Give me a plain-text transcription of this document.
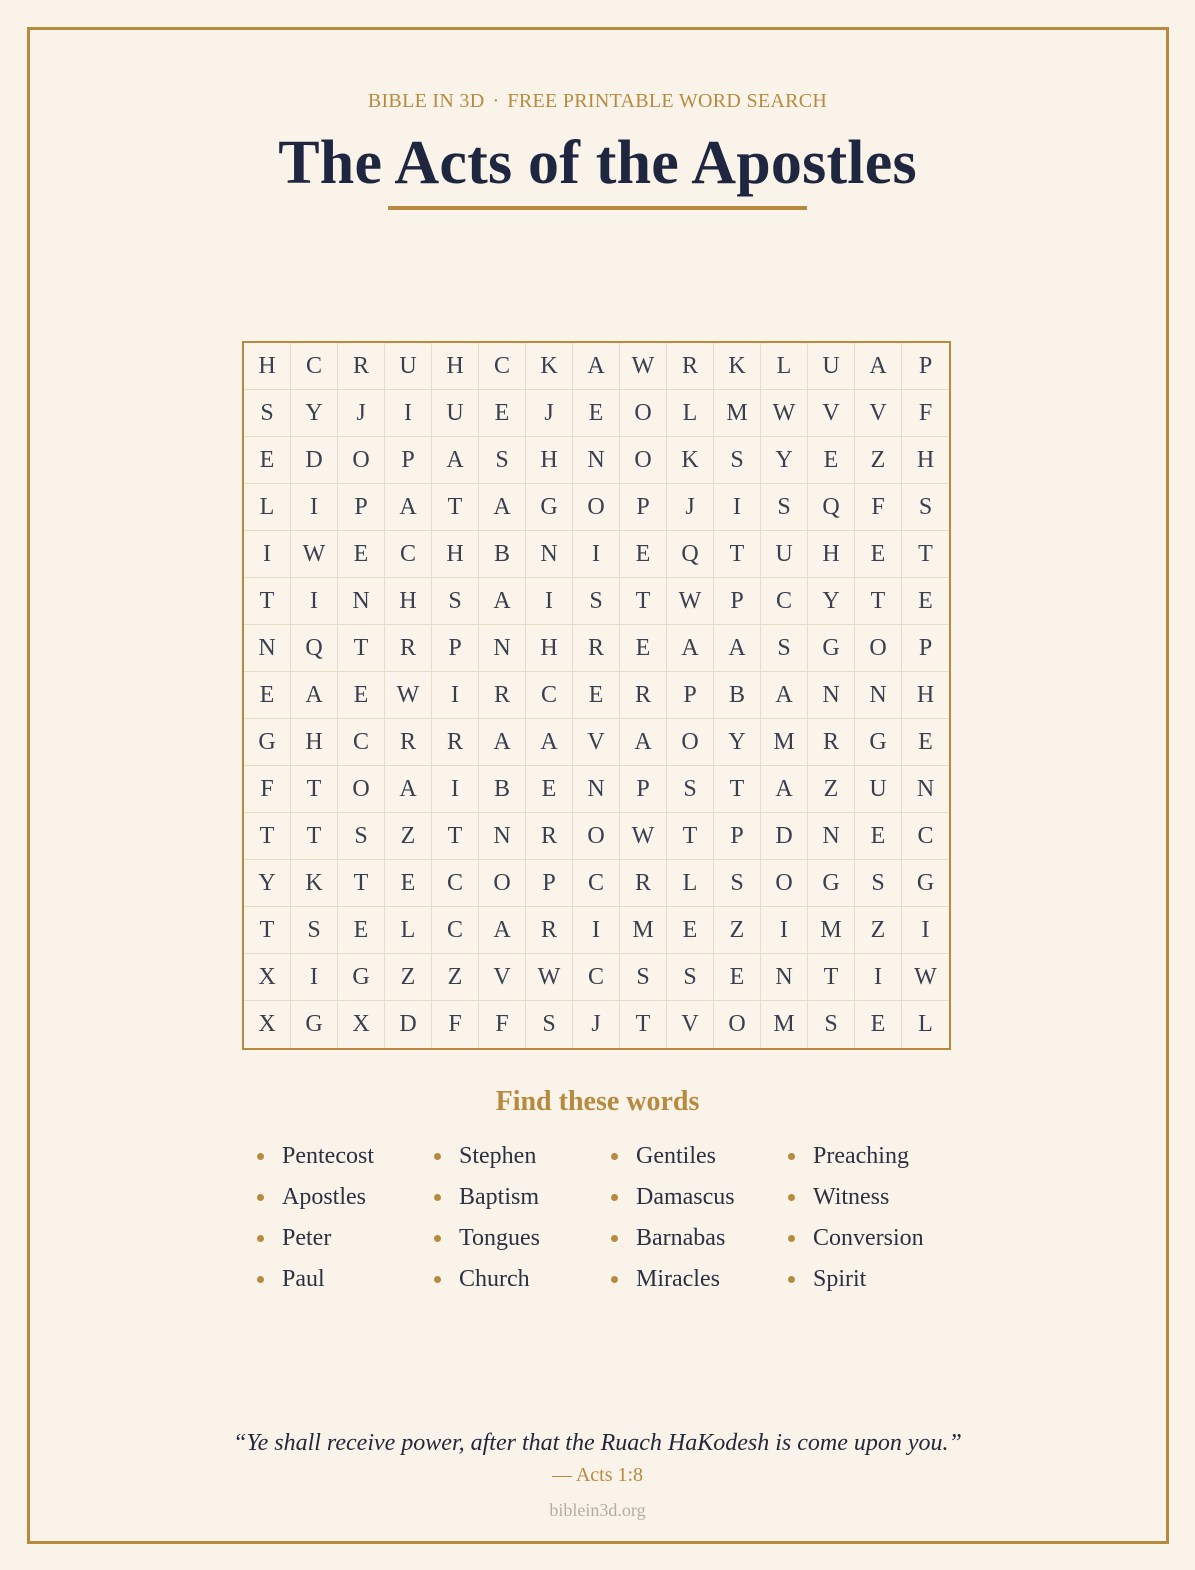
BIBLE IN 3D · FREE PRINTABLE WORD SEARCH
The Acts of the Apostles
H	C	R	U	H	C	K	A	W	R	K	L	U	A	P
S	Y	J	I	U	E	J	E	O	L	M	W	V	V	F
E	D	O	P	A	S	H	N	O	K	S	Y	E	Z	H
L	I	P	A	T	A	G	O	P	J	I	S	Q	F	S
I	W	E	C	H	B	N	I	E	Q	T	U	H	E	T
T	I	N	H	S	A	I	S	T	W	P	C	Y	T	E
N	Q	T	R	P	N	H	R	E	A	A	S	G	O	P
E	A	E	W	I	R	C	E	R	P	B	A	N	N	H
G	H	C	R	R	A	A	V	A	O	Y	M	R	G	E
F	T	O	A	I	B	E	N	P	S	T	A	Z	U	N
T	T	S	Z	T	N	R	O	W	T	P	D	N	E	C
Y	K	T	E	C	O	P	C	R	L	S	O	G	S	G
T	S	E	L	C	A	R	I	M	E	Z	I	M	Z	I
X	I	G	Z	Z	V	W	C	S	S	E	N	T	I	W
X	G	X	D	F	F	S	J	T	V	O	M	S	E	L
Find these words
Pentecost
Apostles
Peter
Paul
Stephen
Baptism
Tongues
Church
Gentiles
Damascus
Barnabas
Miracles
Preaching
Witness
Conversion
Spirit
“Ye shall receive power, after that the Ruach HaKodesh is come upon you.”
— Acts 1:8
biblein3d.org
